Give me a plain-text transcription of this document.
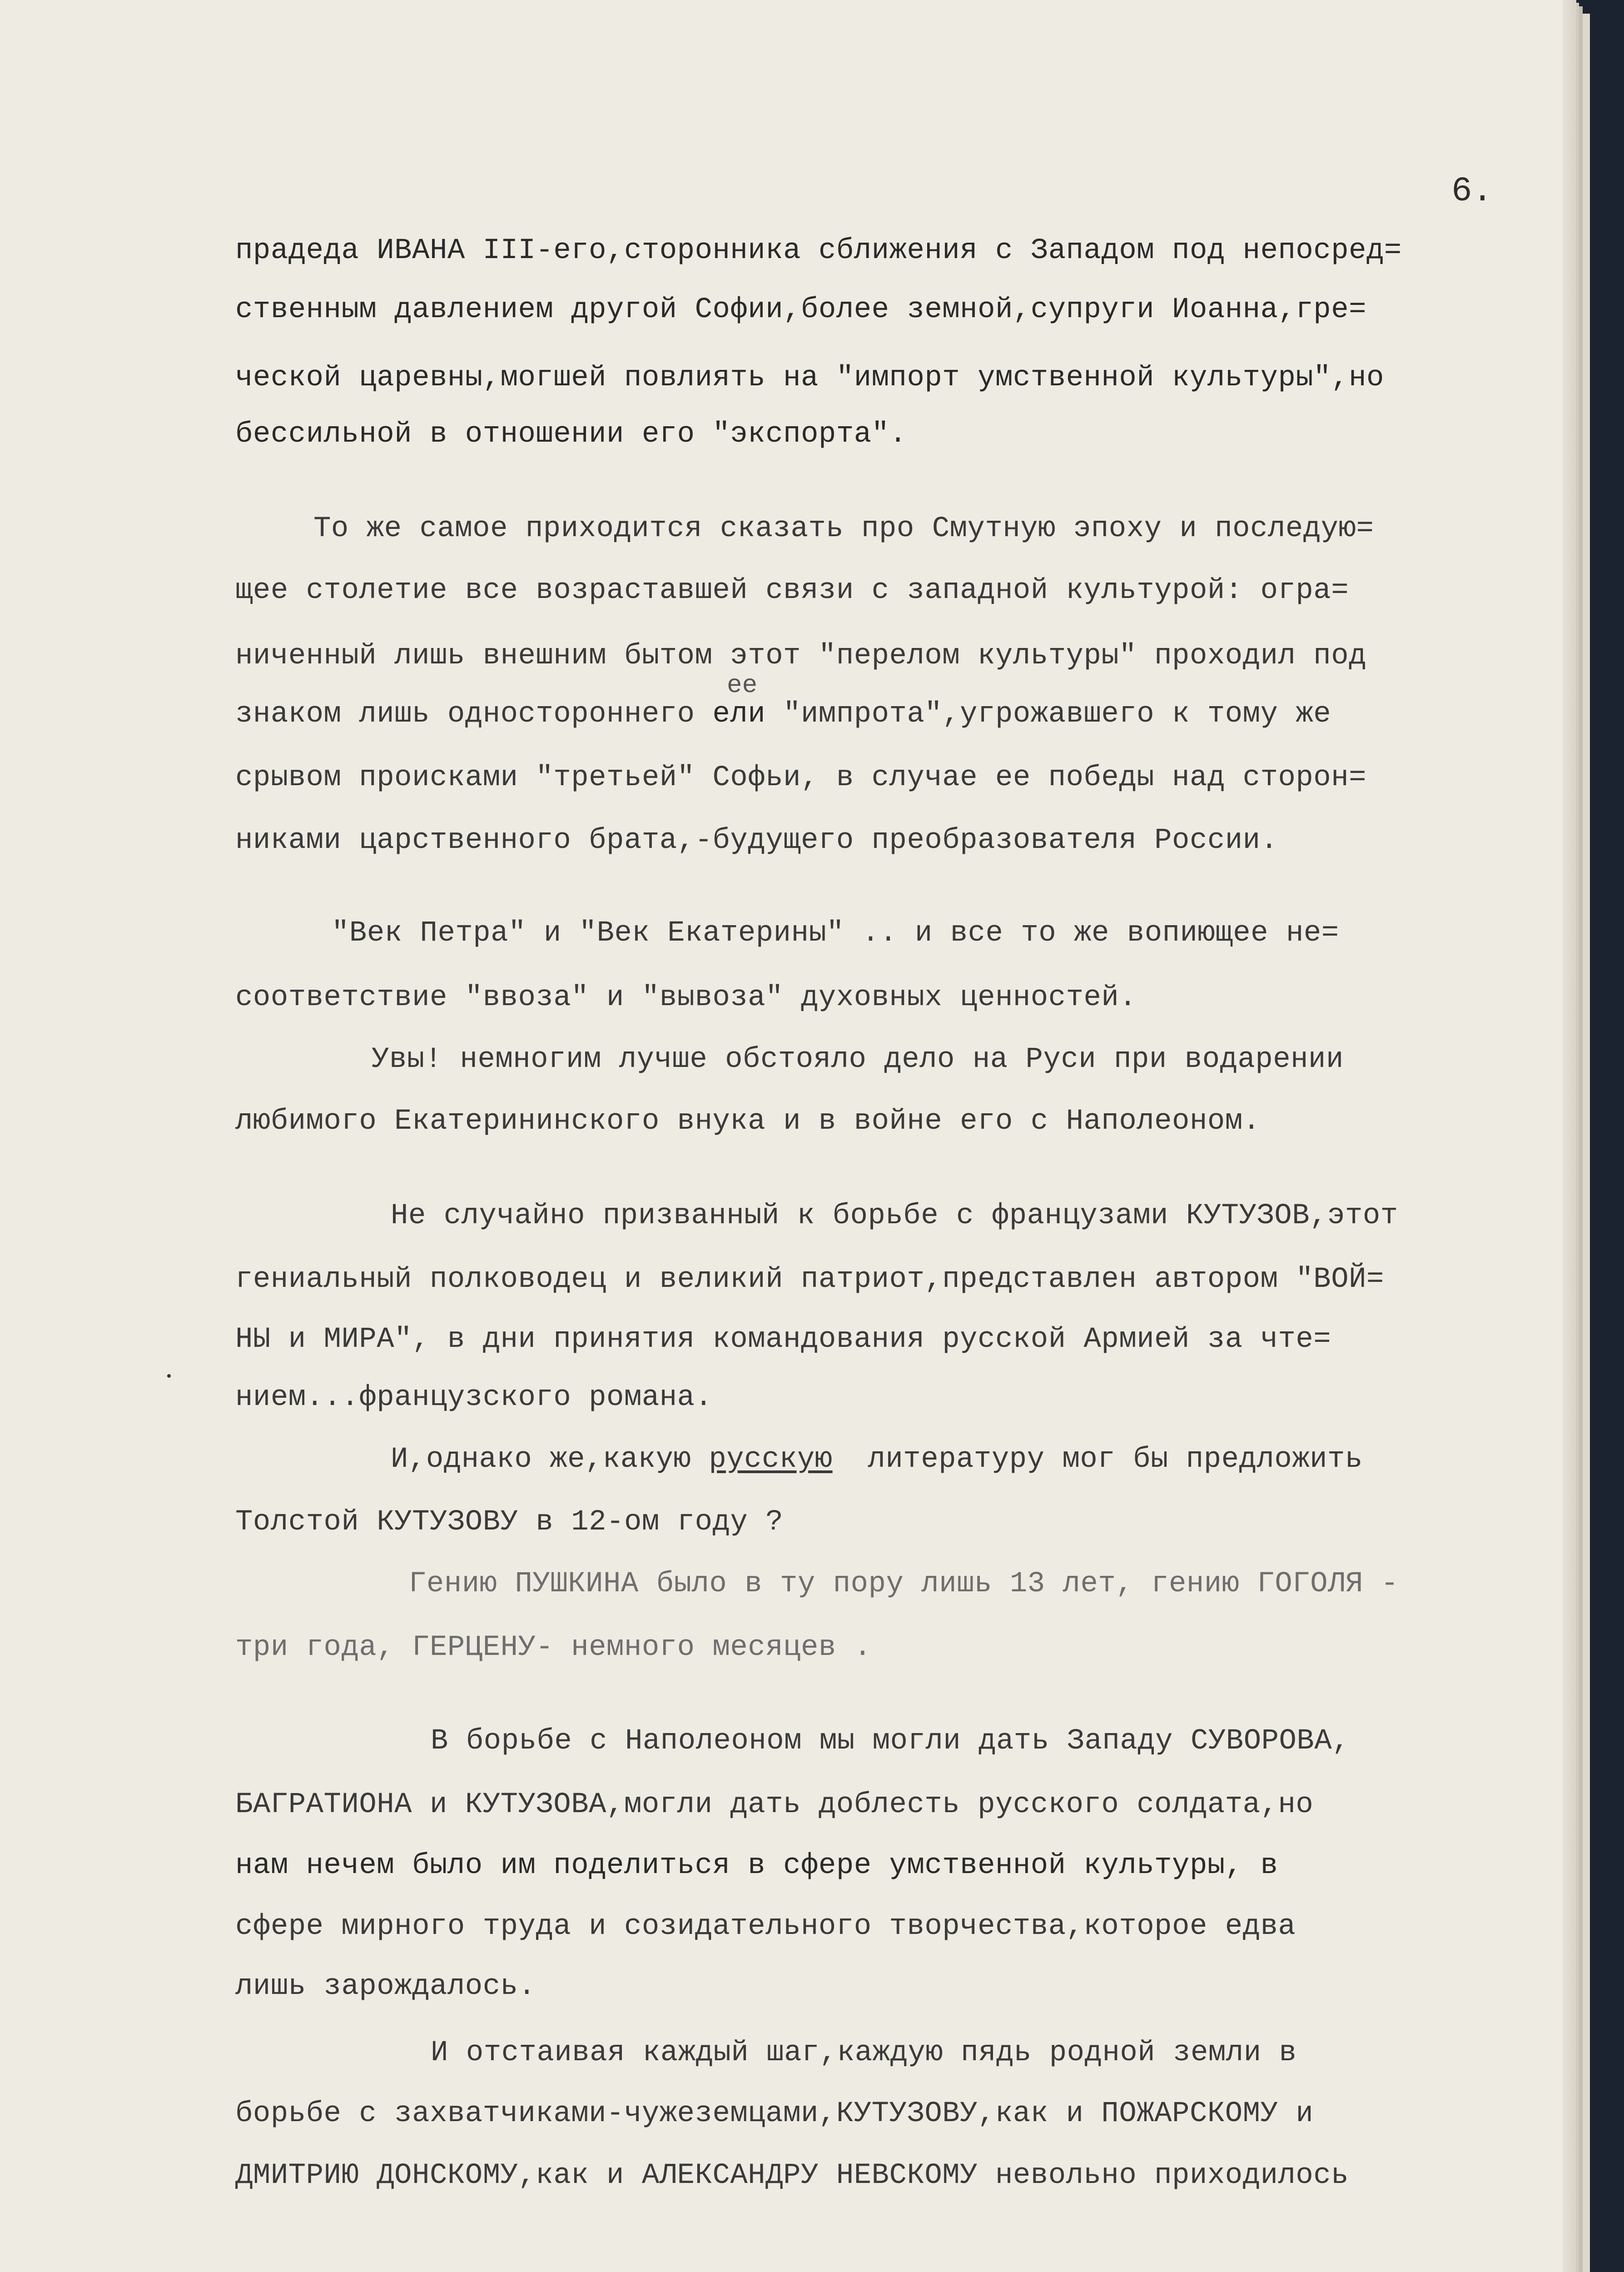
6.
прадеда ИВАНА III-его,сторонника сближения с Западом под непосред=
ственным давлением другой Софии,более земной,супруги Иоанна,гре=
ческой царевны,могшей повлиять на "импорт умственной культуры",но
бессильной в отношении его "экспорта".
То же самое приходится сказать про Смутную эпоху и последую=
щее столетие все возраставшей связи с западной культурой: огра=
ниченный лишь внешним бытом этот "перелом культуры" проходил под
ее
знаком лишь одностороннего ели "импрота",угрожавшего к тому же
срывом происками "третьей" Софьи, в случае ее победы над сторон=
никами царственного брата,-будущего преобразователя России.
"Век Петра" и "Век Екатерины" .. и все то же вопиющее не=
соответствие "ввоза" и "вывоза" духовных ценностей.
Увы! немногим лучше обстояло дело на Руси при водарении
любимого Екатерининского внука и в войне его с Наполеоном.
Не случайно призванный к борьбе с французами КУТУЗОВ,этот
гениальный полководец и великий патриот,представлен автором "ВОЙ=
НЫ и МИРА", в дни принятия командования русской Армией за чте=
нием...французского романа.
И,однако же,какую русскую  литературу мог бы предложить
Толстой КУТУЗОВУ в 12-ом году ?
Гению ПУШКИНА было в ту пору лишь 13 лет, гению ГОГОЛЯ -
три года, ГЕРЦЕНУ- немного месяцев .
В борьбе с Наполеоном мы могли дать Западу СУВОРОВА,
БАГРАТИОНА и КУТУЗОВА,могли дать доблесть русского солдата,но
нам нечем было им поделиться в сфере умственной культуры, в
сфере мирного труда и созидательного творчества,которое едва
лишь зарождалось.
И отстаивая каждый шаг,каждую пядь родной земли в
борьбе с захватчиками-чужеземцами,КУТУЗОВУ,как и ПОЖАРСКОМУ и
ДМИТРИЮ ДОНСКОМУ,как и АЛЕКСАНДРУ НЕВСКОМУ невольно приходилось
